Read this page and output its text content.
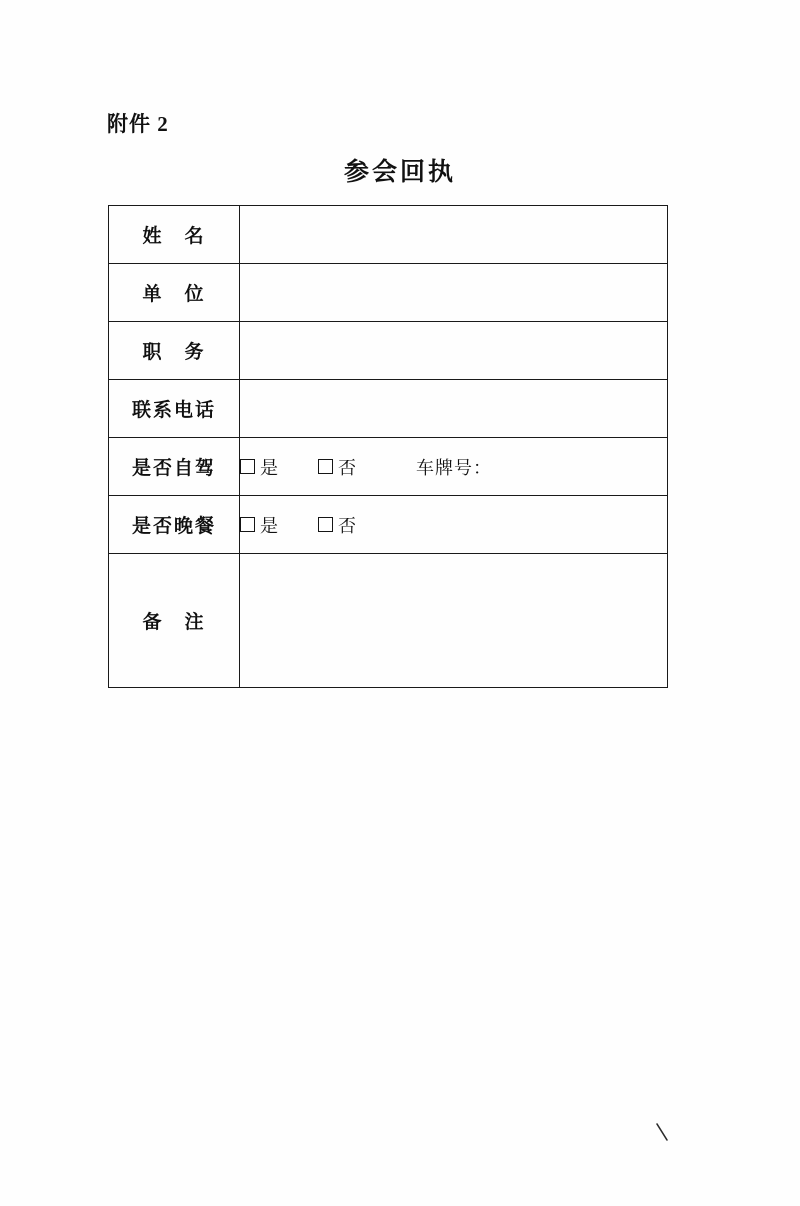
附件 2
参会回执
姓　名	
单　位	
职　务	
联系电话	
是否自驾	是 否 车牌号：

是否晚餐	是 否

备　注	
